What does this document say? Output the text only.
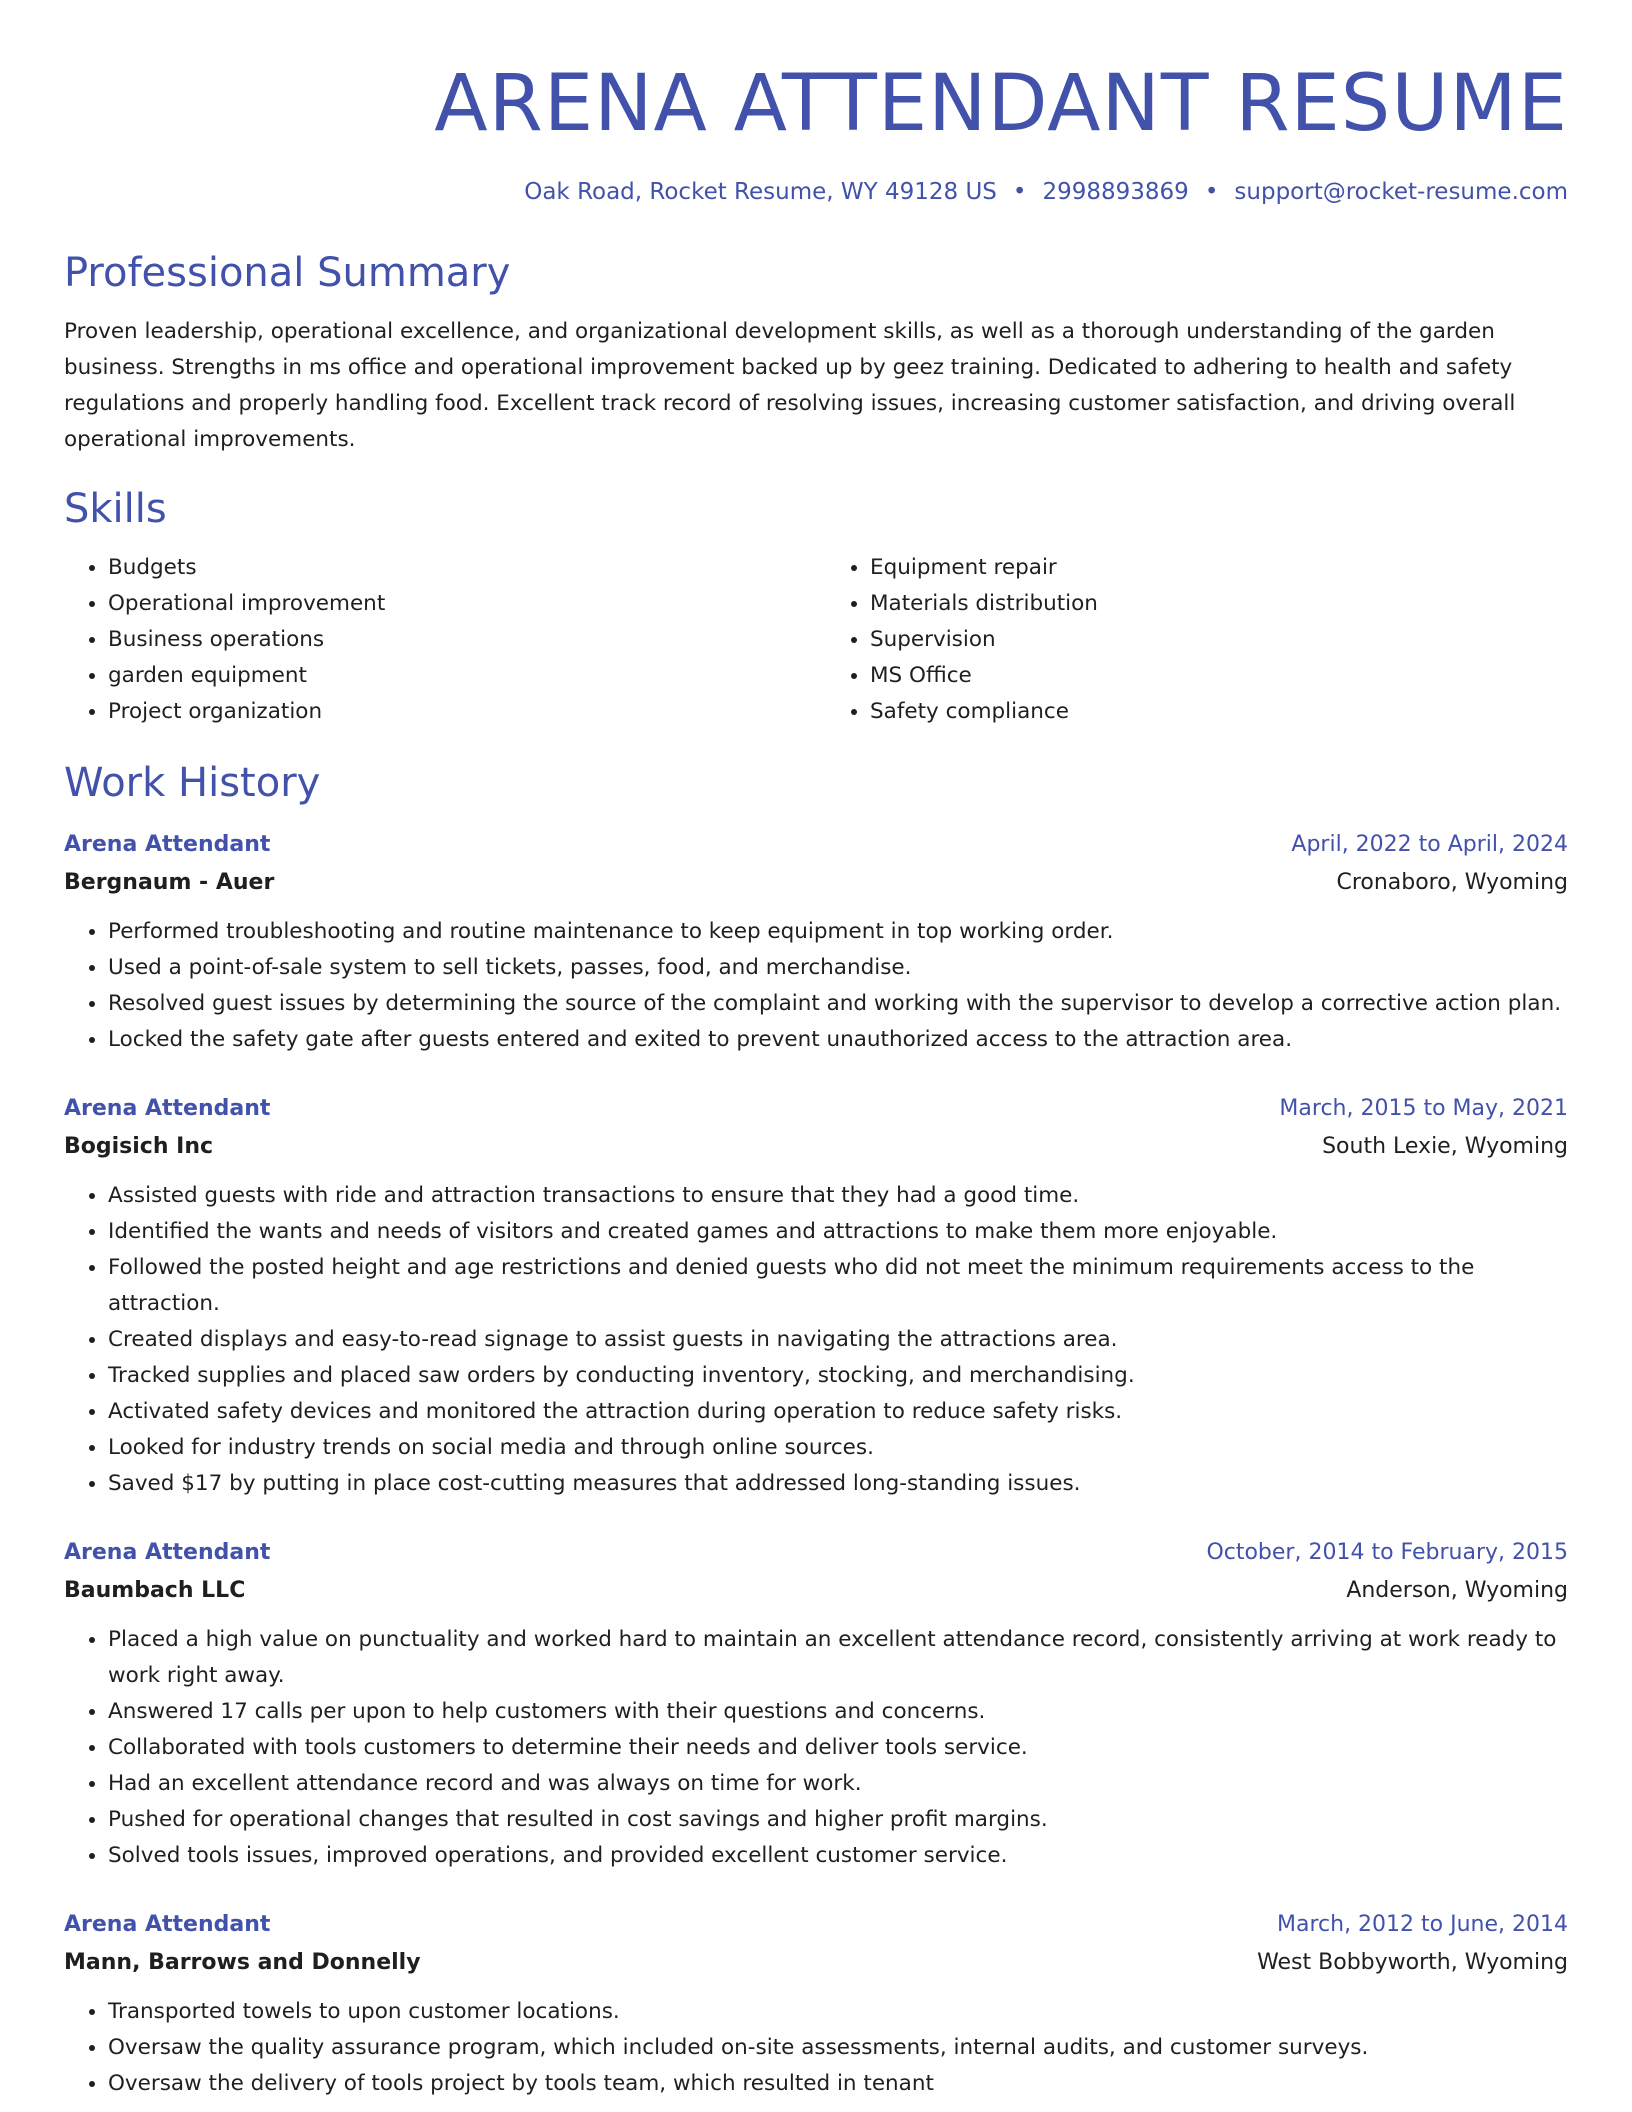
ARENA ATTENDANT RESUME
Oak Road, Rocket Resume, WY 49128 US • 2998893869 • support@rocket-resume.com
Professional Summary

Proven leadership, operational excellence, and organizational development skills, as well as a thorough understanding of the garden business. Strengths in ms office and operational improvement backed up by geez training. Dedicated to adhering to health and safety regulations and properly handling food. Excellent track record of resolving issues, increasing customer satisfaction, and driving overall operational improvements.

Skills
• Budgets
• Operational improvement
• Business operations
• garden equipment
• Project organization
• Equipment repair
• Materials distribution
• Supervision
• MS Office
• Safety compliance
Work History
Arena Attendant	April, 2022 to April, 2024
Bergnaum - Auer	Cronaboro, Wyoming
• Performed troubleshooting and routine maintenance to keep equipment in top working order.
• Used a point-of-sale system to sell tickets, passes, food, and merchandise.
• Resolved guest issues by determining the source of the complaint and working with the supervisor to develop a corrective action plan.
• Locked the safety gate after guests entered and exited to prevent unauthorized access to the attraction area.
Arena Attendant	March, 2015 to May, 2021
Bogisich Inc	South Lexie, Wyoming
• Assisted guests with ride and attraction transactions to ensure that they had a good time.
• Identified the wants and needs of visitors and created games and attractions to make them more enjoyable.
• Followed the posted height and age restrictions and denied guests who did not meet the minimum requirements access to the attraction.
• Created displays and easy-to-read signage to assist guests in navigating the attractions area.
• Tracked supplies and placed saw orders by conducting inventory, stocking, and merchandising.
• Activated safety devices and monitored the attraction during operation to reduce safety risks.
• Looked for industry trends on social media and through online sources.
• Saved $17 by putting in place cost-cutting measures that addressed long-standing issues.
Arena Attendant	October, 2014 to February, 2015
Baumbach LLC	Anderson, Wyoming
• Placed a high value on punctuality and worked hard to maintain an excellent attendance record, consistently arriving at work ready to work right away.
• Answered 17 calls per upon to help customers with their questions and concerns.
• Collaborated with tools customers to determine their needs and deliver tools service.
• Had an excellent attendance record and was always on time for work.
• Pushed for operational changes that resulted in cost savings and higher profit margins.
• Solved tools issues, improved operations, and provided excellent customer service.
Arena Attendant	March, 2012 to June, 2014
Mann, Barrows and Donnelly	West Bobbyworth, Wyoming
• Transported towels to upon customer locations.
• Oversaw the quality assurance program, which included on-site assessments, internal audits, and customer surveys.
• Oversaw the delivery of tools project by tools team, which resulted in tenant
